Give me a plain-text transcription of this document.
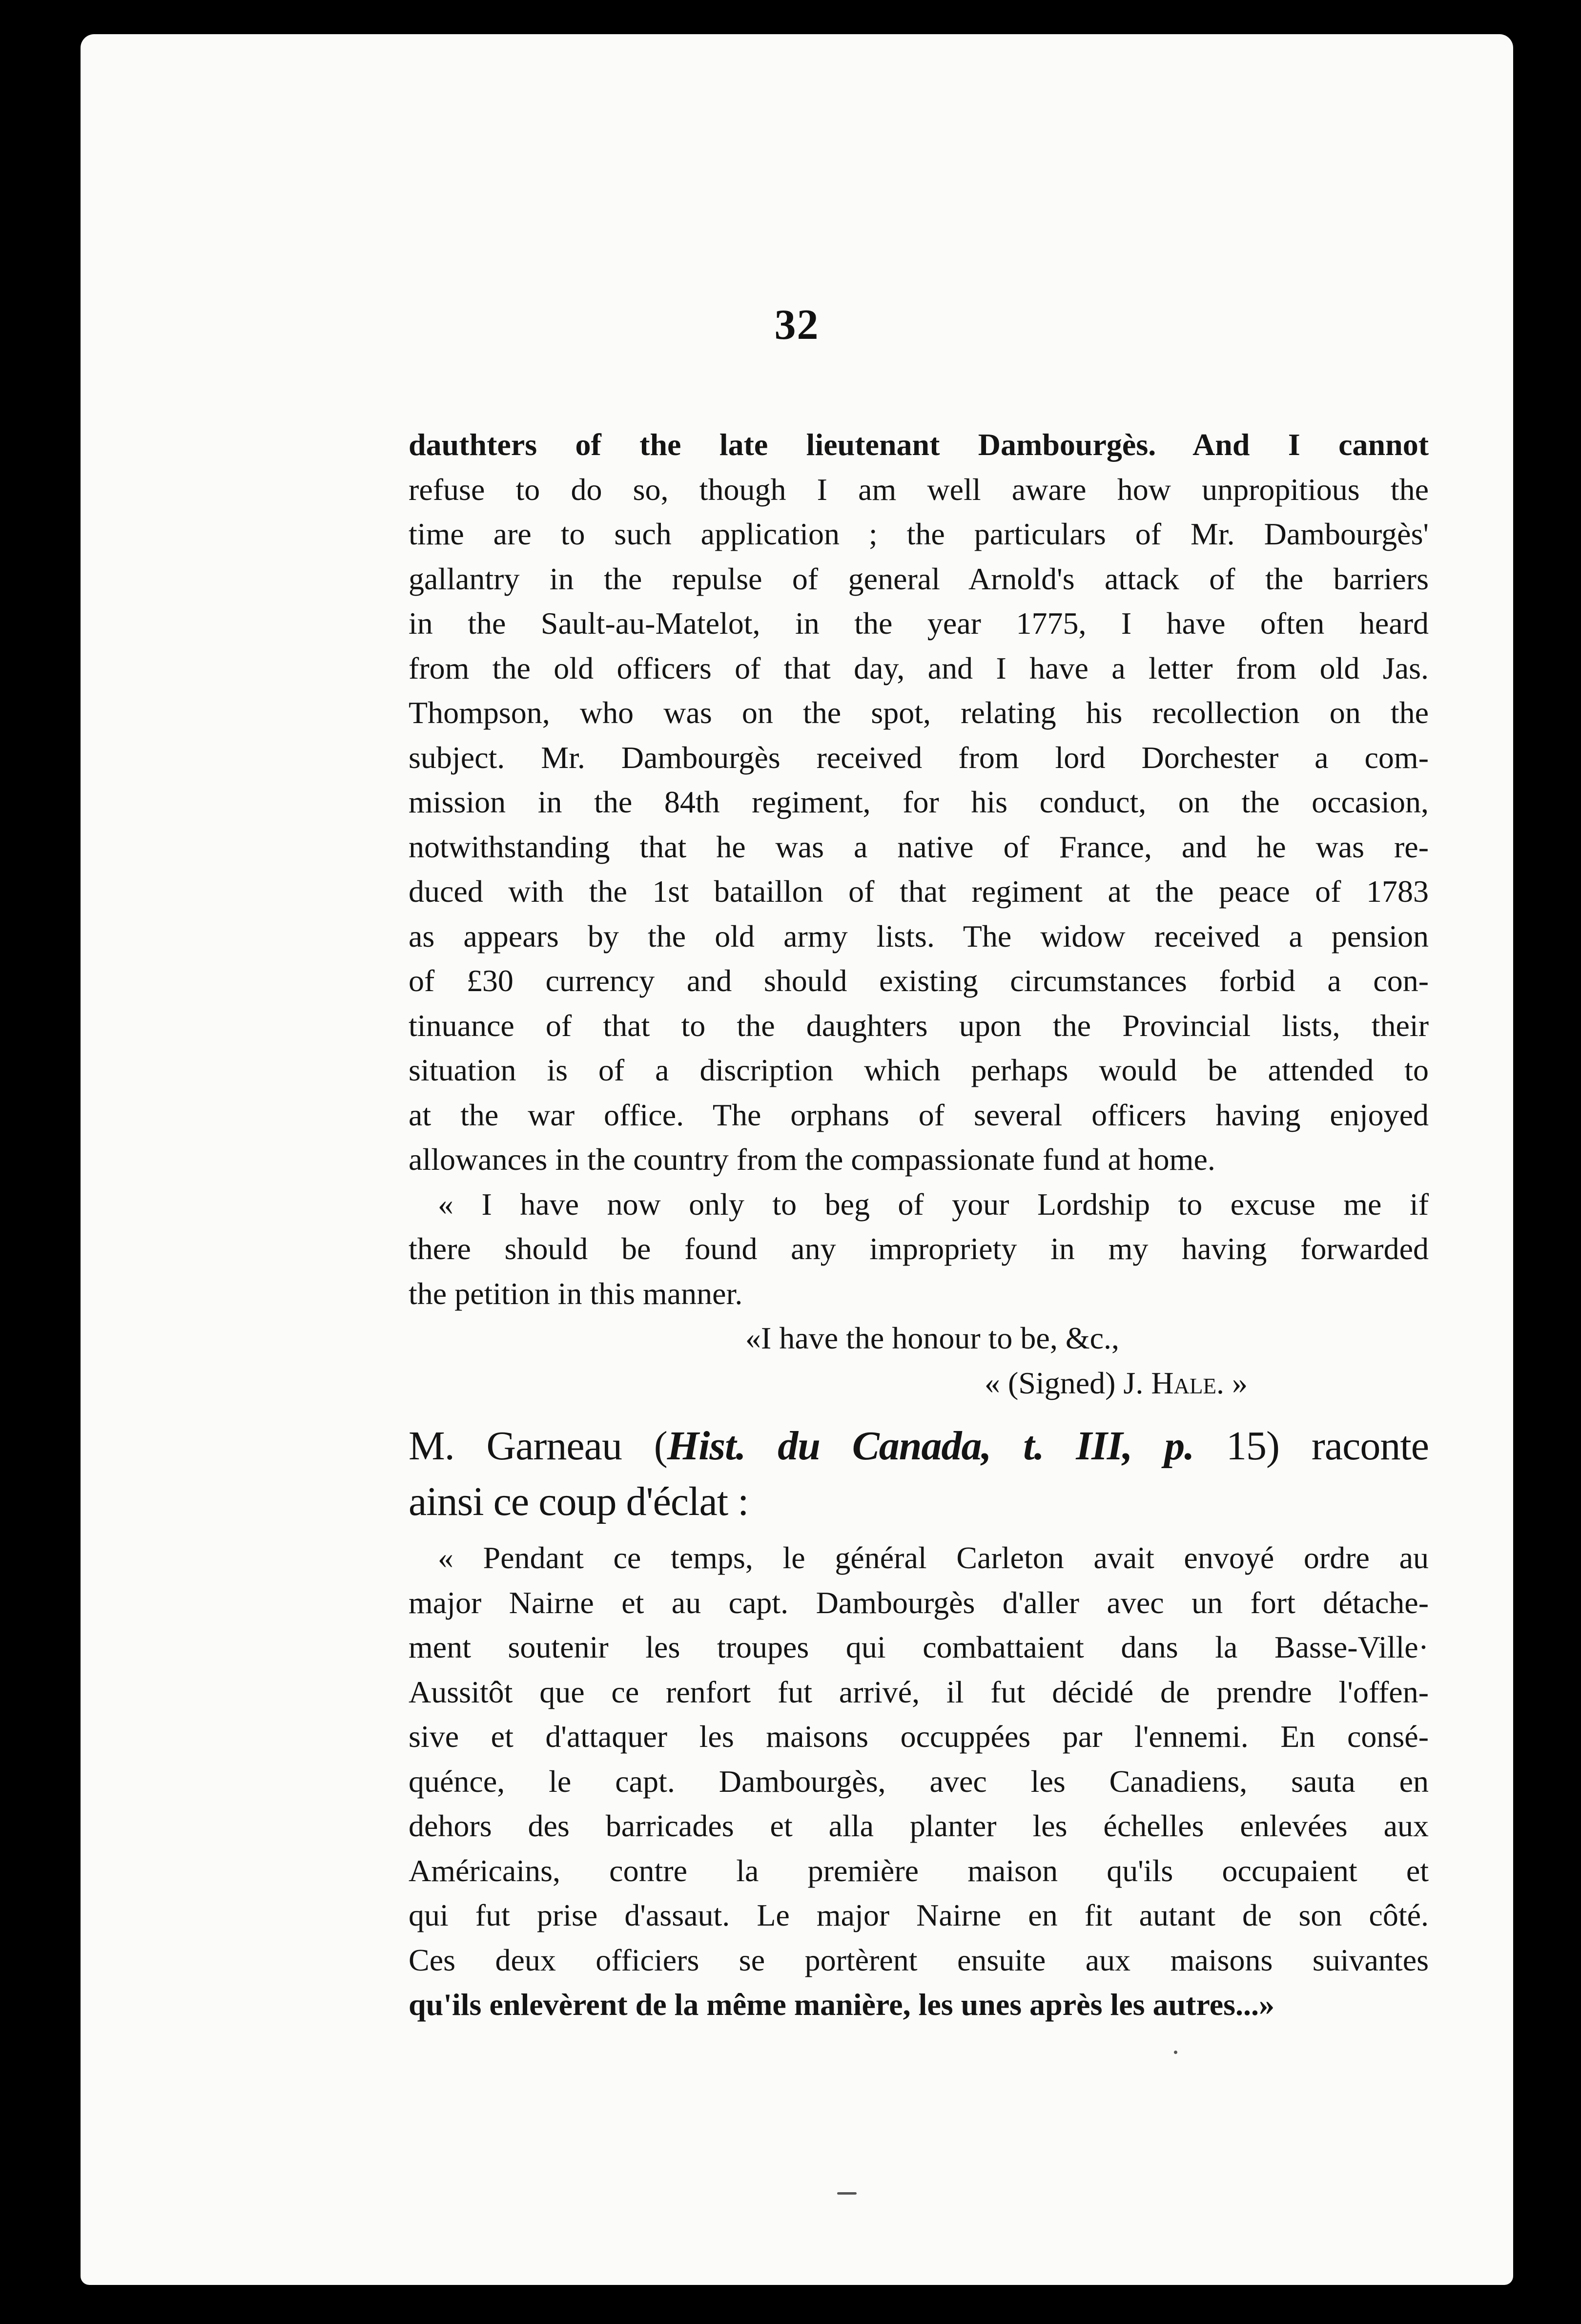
32
dauthters of the late lieutenant Dambourgès. And I cannot
refuse to do so, though I am well aware how unpropitious the
time are to such application ; the particulars of Mr. Dambourgès'
gallantry in the repulse of general Arnold's attack of the barriers
in the Sault-au-Matelot, in the year 1775, I have often heard
from the old officers of that day, and I have a letter from old Jas.
Thompson, who was on the spot, relating his recollection on the
subject. Mr. Dambourgès received from lord Dorchester a com-
mission in the 84th regiment, for his conduct, on the occasion,
notwithstanding that he was a native of France, and he was re-
duced with the 1st bataillon of that regiment at the peace of 1783
as appears by the old army lists. The widow received a pension
of £30 currency and should existing circumstances forbid a con-
tinuance of that to the daughters upon the Provincial lists, their
situation is of a discription which perhaps would be attended to
at the war office. The orphans of several officers having enjoyed
allowances in the country from the compassionate fund at home.
« I have now only to beg of your Lordship to excuse me if
there should be found any impropriety in my having forwarded
the petition in this manner.
«I have the honour to be, &c.,
« (Signed) J. Hale. »
M. Garneau (Hist. du Canada, t. III, p. 15) raconte
ainsi ce coup d'éclat :
« Pendant ce temps, le général Carleton avait envoyé ordre au
major Nairne et au capt. Dambourgès d'aller avec un fort détache-
ment soutenir les troupes qui combattaient dans la Basse-Ville·
Aussitôt que ce renfort fut arrivé, il fut décidé de prendre l'offen-
sive et d'attaquer les maisons occuppées par l'ennemi. En consé-
quénce, le capt. Dambourgès, avec les Canadiens, sauta en
dehors des barricades et alla planter les échelles enlevées aux
Américains, contre la première maison qu'ils occupaient et
qui fut prise d'assaut. Le major Nairne en fit autant de son côté.
Ces deux officiers se portèrent ensuite aux maisons suivantes
qu'ils enlevèrent de la même manière, les unes après les autres...»
